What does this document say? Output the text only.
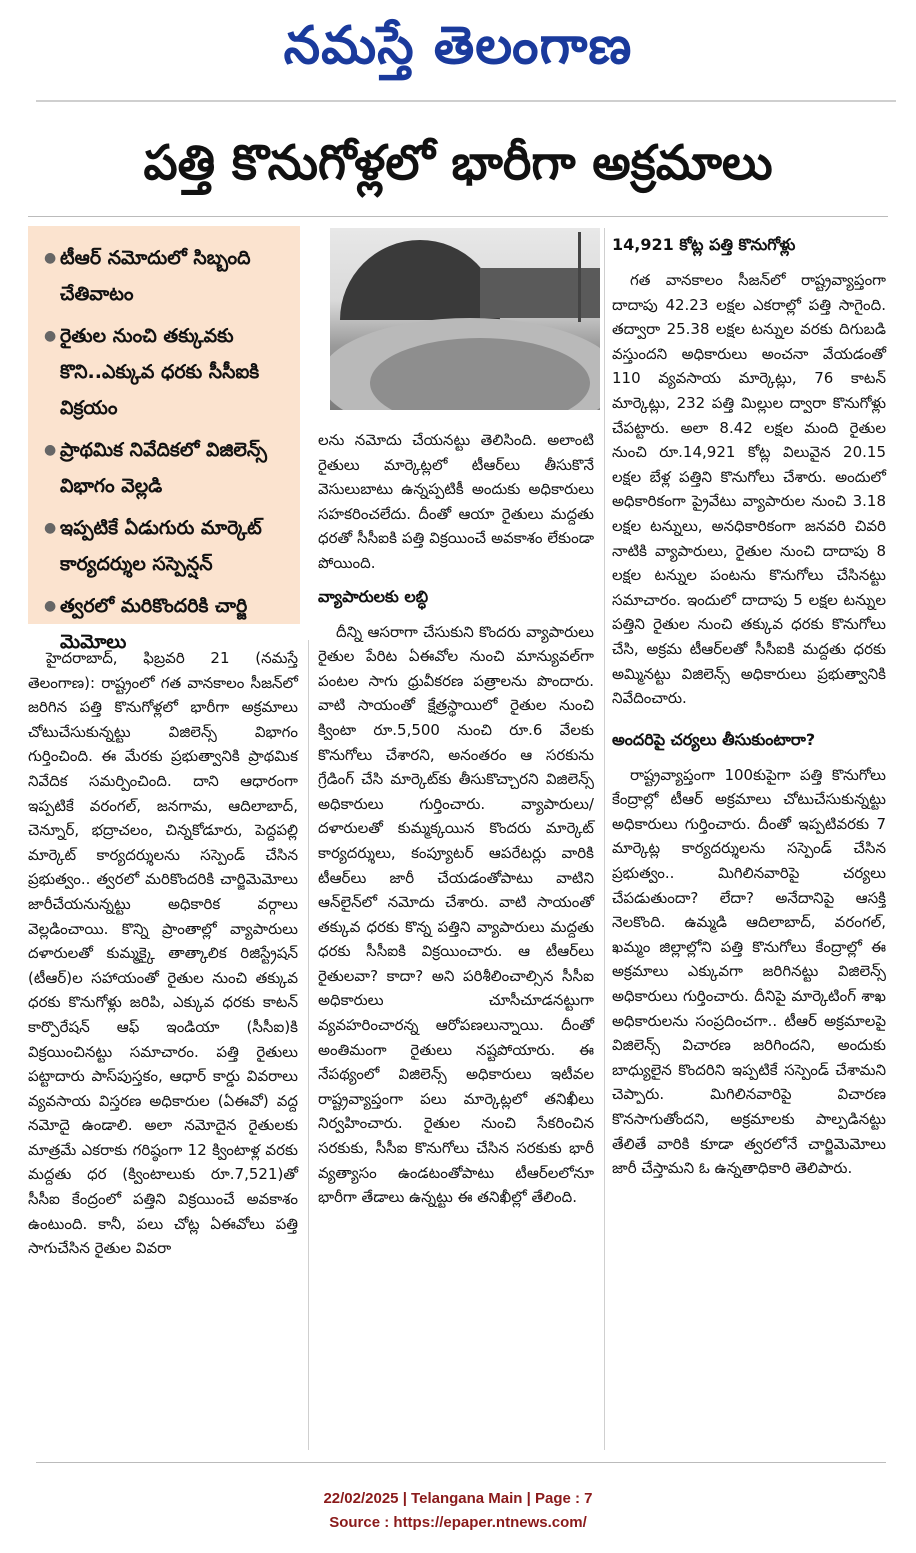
నమస్తే తెలంగాణ
పత్తి కొనుగోళ్లలో భారీగా అక్రమాలు
● టీఆర్ నమోదులో సిబ్బంది చేతివాటం
● రైతుల నుంచి తక్కువకు కొని..ఎక్కువ ధరకు సీసీఐకి విక్రయం
● ప్రాథమిక నివేదికలో విజిలెన్స్ విభాగం వెల్లడి
● ఇప్పటికే ఏడుగురు మార్కెట్ కార్యదర్శుల సస్పెన్షన్
● త్వరలో మరికొందరికి చార్జి మెమోలు

హైదరాబాద్, ఫిబ్రవరి 21 (నమస్తే తెలంగాణ): రాష్ట్రంలో గత వానకాలం సీజన్‌లో జరిగిన పత్తి కొనుగోళ్లలో భారీగా అక్రమాలు చోటుచేసుకున్నట్టు విజిలెన్స్ విభాగం గుర్తించింది. ఈ మేరకు ప్రభుత్వానికి ప్రాథమిక నివేదిక సమర్పించింది. దాని ఆధారంగా ఇప్పటికే వరంగల్, జనగామ, ఆదిలాబాద్, చెన్నూర్, భద్రాచలం, చిన్నకోడూరు, పెద్దపల్లి మార్కెట్ కార్యదర్శులను సస్పెండ్ చేసిన ప్రభుత్వం.. త్వరలో మరికొందరికి చార్జిమెమోలు జారీచేయనున్నట్టు అధికారిక వర్గాలు వెల్లడించాయి. కొన్ని ప్రాంతాల్లో వ్యాపారులు దళారులతో కుమ్మక్కై తాత్కాలిక రిజిస్ట్రేషన్ (టీఆర్)ల సహాయంతో రైతుల నుంచి తక్కువ ధరకు కొనుగోళ్లు జరిపి, ఎక్కువ ధరకు కాటన్ కార్పొరేషన్ ఆఫ్ ఇండియా (సీసీఐ)కి విక్రయించినట్టు సమాచారం. పత్తి రైతులు పట్టాదారు పాస్‌పుస్తకం, ఆధార్ కార్డు వివరాలు వ్యవసాయ విస్తరణ అధికారుల (ఏఈవో) వద్ద నమోదై ఉండాలి. అలా నమోదైన రైతులకు మాత్రమే ఎకరాకు గరిష్ఠంగా 12 క్వింటాళ్ల వరకు మద్దతు ధర (క్వింటాలుకు రూ.7,521)తో సీసీఐ కేంద్రంలో పత్తిని విక్రయించే అవకాశం ఉంటుంది. కానీ, పలు చోట్ల ఏఈవోలు పత్తి సాగుచేసిన రైతుల వివరా

లను నమోదు చేయనట్టు తెలిసింది. అలాంటి రైతులు మార్కెట్లలో టీఆర్‌లు తీసుకొనే వెసులుబాటు ఉన్నప్పటికీ అందుకు అధికారులు సహకరించలేదు. దీంతో ఆయా రైతులు మద్దతు ధరతో సీసీఐకి పత్తి విక్రయించే అవకాశం లేకుండా పోయింది.

వ్యాపారులకు లబ్ధి

దీన్ని ఆసరాగా చేసుకుని కొందరు వ్యాపారులు రైతుల పేరిట ఏఈవోల నుంచి మాన్యువల్‌గా పంటల సాగు ధ్రువీకరణ పత్రాలను పొందారు. వాటి సాయంతో క్షేత్రస్థాయిలో రైతుల నుంచి క్వింటా రూ.5,500 నుంచి రూ.6 వేలకు కొనుగోలు చేశారని, అనంతరం ఆ సరకును గ్రేడింగ్ చేసి మార్కెట్‌కు తీసుకొచ్చారని విజిలెన్స్ అధికారులు గుర్తించారు. వ్యాపారులు/దళారులతో కుమ్మక్కయిన కొందరు మార్కెట్ కార్యదర్శులు, కంప్యూటర్ ఆపరేటర్లు వారికి టీఆర్‌లు జారీ చేయడంతోపాటు వాటిని ఆన్‌లైన్‌లో నమోదు చేశారు. వాటి సాయంతో తక్కువ ధరకు కొన్న పత్తిని వ్యాపారులు మద్దతు ధరకు సీసీఐకి విక్రయించారు. ఆ టీఆర్‌లు రైతులవా? కాదా? అని పరిశీలించాల్సిన సీసీఐ అధికారులు చూసీచూడనట్టుగా వ్యవహరించారన్న ఆరోపణలున్నాయి. దీంతో అంతిమంగా రైతులు నష్టపోయారు. ఈ నేపథ్యంలో విజిలెన్స్ అధికారులు ఇటీవల రాష్ట్రవ్యాప్తంగా పలు మార్కెట్లలో తనిఖీలు నిర్వహించారు. రైతుల నుంచి సేకరించిన సరకుకు, సీసీఐ కొనుగోలు చేసిన సరకుకు భారీ వ్యత్యాసం ఉండటంతోపాటు టీఆర్‌లలోనూ భారీగా తేడాలు ఉన్నట్టు ఈ తనిఖీల్లో తేలింది.

14,921 కోట్ల పత్తి కొనుగోళ్లు

గత వానకాలం సీజన్‌లో రాష్ట్రవ్యాప్తంగా దాదాపు 42.23 లక్షల ఎకరాల్లో పత్తి సాగైంది. తద్వారా 25.38 లక్షల టన్నుల వరకు దిగుబడి వస్తుందని అధికారులు అంచనా వేయడంతో 110 వ్యవసాయ మార్కెట్లు, 76 కాటన్ మార్కెట్లు, 232 పత్తి మిల్లుల ద్వారా కొనుగోళ్లు చేపట్టారు. అలా 8.42 లక్షల మంది రైతుల నుంచి రూ.14,921 కోట్ల విలువైన 20.15 లక్షల బేళ్ల పత్తిని కొనుగోలు చేశారు. అందులో అధికారికంగా ప్రైవేటు వ్యాపారుల నుంచి 3.18 లక్షల టన్నులు, అనధికారికంగా జనవరి చివరి నాటికి వ్యాపారులు, రైతుల నుంచి దాదాపు 8 లక్షల టన్నుల పంటను కొనుగోలు చేసినట్టు సమాచారం. ఇందులో దాదాపు 5 లక్షల టన్నుల పత్తిని రైతుల నుంచి తక్కువ ధరకు కొనుగోలు చేసి, అక్రమ టీఆర్‌లతో సీసీఐకి మద్దతు ధరకు అమ్మినట్టు విజిలెన్స్ అధికారులు ప్రభుత్వానికి నివేదించారు.

అందరిపై చర్యలు తీసుకుంటారా?

రాష్ట్రవ్యాప్తంగా 100కుపైగా పత్తి కొనుగోలు కేంద్రాల్లో టీఆర్ అక్రమాలు చోటుచేసుకున్నట్టు అధికారులు గుర్తించారు. దీంతో ఇప్పటివరకు 7 మార్కెట్ల కార్యదర్శులను సస్పెండ్ చేసిన ప్రభుత్వం.. మిగిలినవారిపై చర్యలు చేపడుతుందా? లేదా? అనేదానిపై ఆసక్తి నెలకొంది. ఉమ్మడి ఆదిలాబాద్, వరంగల్, ఖమ్మం జిల్లాల్లోని పత్తి కొనుగోలు కేంద్రాల్లో ఈ అక్రమాలు ఎక్కువగా జరిగినట్టు విజిలెన్స్ అధికారులు గుర్తించారు. దీనిపై మార్కెటింగ్ శాఖ అధికారులను సంప్రదించగా.. టీఆర్ అక్రమాలపై విజిలెన్స్ విచారణ జరిగిందని, అందుకు బాధ్యులైన కొందరిని ఇప్పటికే సస్పెండ్ చేశామని చెప్పారు. మిగిలినవారిపై విచారణ కొనసాగుతోందని, అక్రమాలకు పాల్పడినట్టు తేలితే వారికి కూడా త్వరలోనే చార్జిమెమోలు జారీ చేస్తామని ఓ ఉన్నతాధికారి తెలిపారు.

22/02/2025 | Telangana Main | Page : 7
Source : https://epaper.ntnews.com/
